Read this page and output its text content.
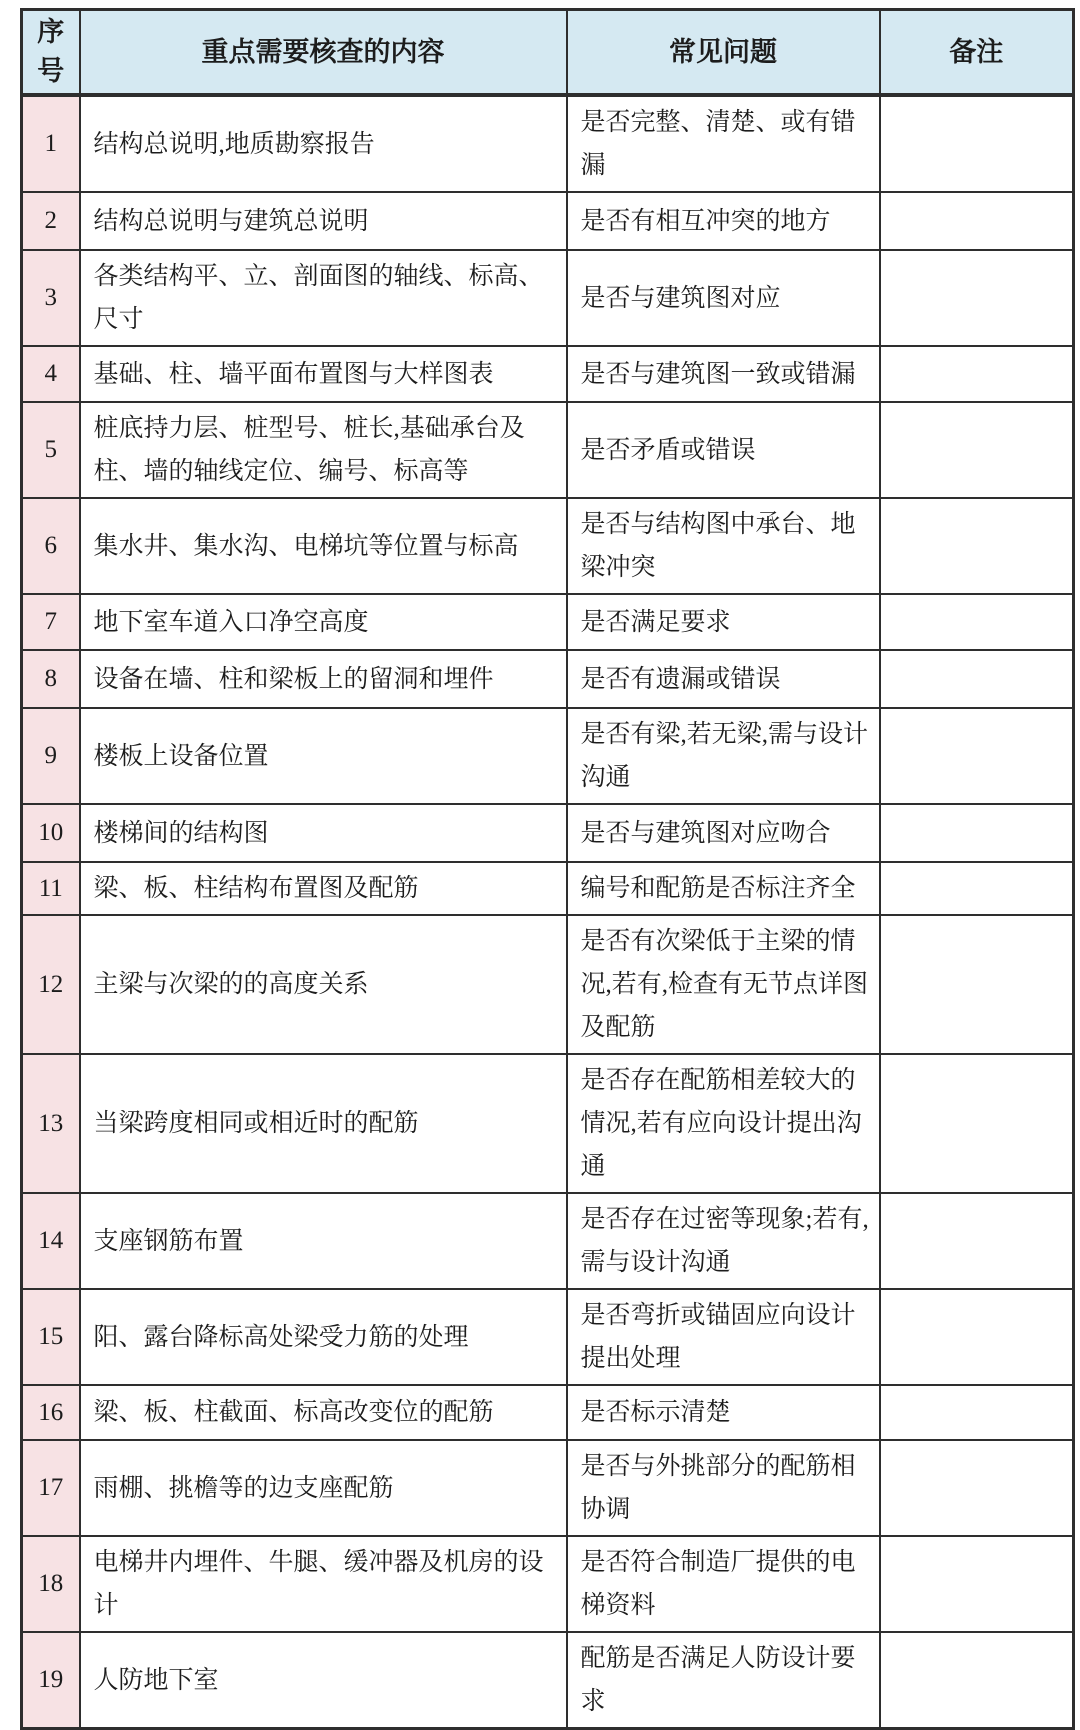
序号	重点需要核查的内容	常见问题	备注
1	结构总说明,地质勘察报告	是否完整、清楚、或有错漏	
2	结构总说明与建筑总说明	是否有相互冲突的地方	
3	各类结构平、立、剖面图的轴线、标高、尺寸	是否与建筑图对应	
4	基础、柱、墙平面布置图与大样图表	是否与建筑图一致或错漏	
5	桩底持力层、桩型号、桩长,基础承台及柱、墙的轴线定位、编号、标高等	是否矛盾或错误	
6	集水井、集水沟、电梯坑等位置与标高	是否与结构图中承台、地梁冲突	
7	地下室车道入口净空高度	是否满足要求	
8	设备在墙、柱和梁板上的留洞和埋件	是否有遗漏或错误	
9	楼板上设备位置	是否有梁,若无梁,需与设计沟通	
10	楼梯间的结构图	是否与建筑图对应吻合	
11	梁、板、柱结构布置图及配筋	编号和配筋是否标注齐全	
12	主梁与次梁的的高度关系	是否有次梁低于主梁的情况,若有,检查有无节点详图及配筋	
13	当梁跨度相同或相近时的配筋	是否存在配筋相差较大的情况,若有应向设计提出沟通	
14	支座钢筋布置	是否存在过密等现象;若有,需与设计沟通	
15	阳、露台降标高处梁受力筋的处理	是否弯折或锚固应向设计提出处理	
16	梁、板、柱截面、标高改变位的配筋	是否标示清楚	
17	雨棚、挑檐等的边支座配筋	是否与外挑部分的配筋相协调	
18	电梯井内埋件、牛腿、缓冲器及机房的设计	是否符合制造厂提供的电梯资料	
19	人防地下室	配筋是否满足人防设计要求	
